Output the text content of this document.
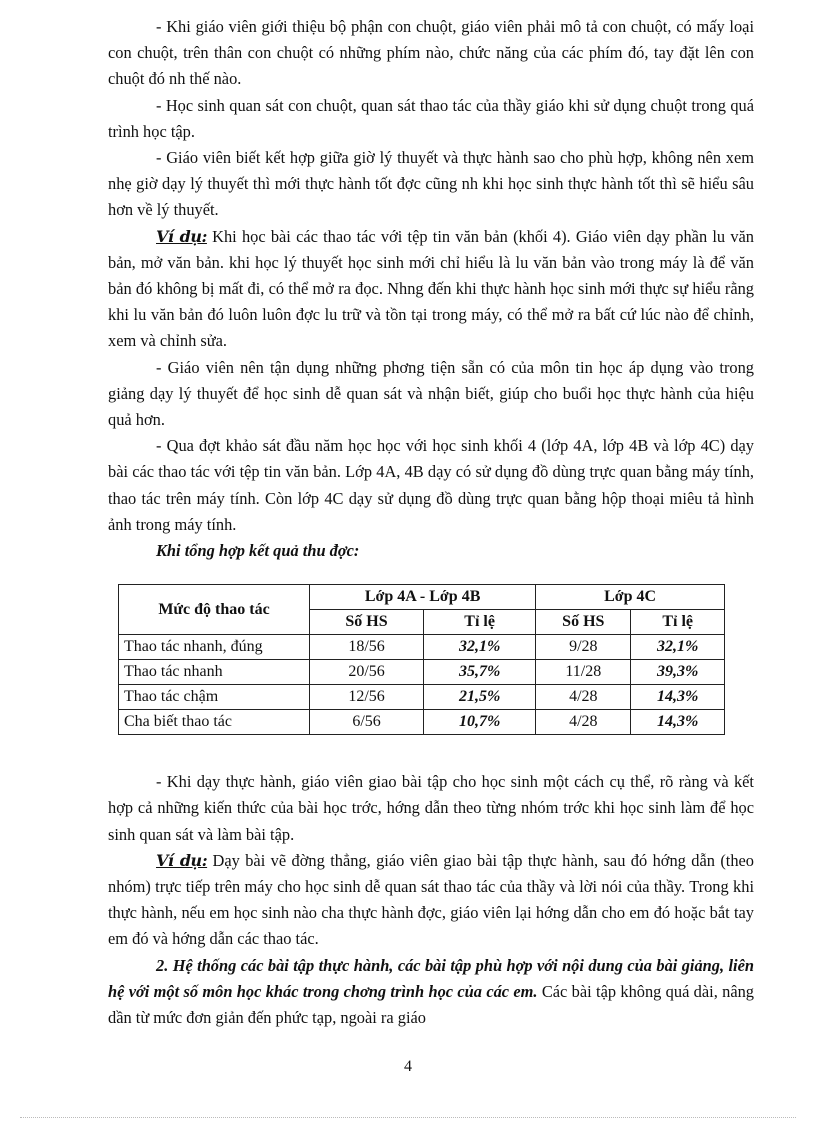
- Khi giáo viên giới thiệu bộ phận con chuột, giáo viên phải mô tả con chuột, có mấy loại con chuột, trên thân con chuột có những phím nào, chức năng của các phím đó, tay đặt lên con chuột đó nh thế nào.

- Học sinh quan sát con chuột, quan sát thao tác của thầy giáo khi sử dụng chuột trong quá trình học tập.

- Giáo viên biết kết hợp giữa giờ lý thuyết và thực hành sao cho phù hợp, không nên xem nhẹ giờ dạy lý thuyết thì mới thực hành tốt đợc cũng nh khi học sinh thực hành tốt thì sẽ hiểu sâu hơn về lý thuyết.

Ví dụ: Khi học bài các thao tác với tệp tin văn bản (khối 4). Giáo viên dạy phần lu văn bản, mở văn bản. khi học lý thuyết học sinh mới chỉ hiểu là lu văn bản vào trong máy là để văn bản đó không bị mất đi, có thể mở ra đọc. Nhng đến khi thực hành học sinh mới thực sự hiểu rằng khi lu văn bản đó luôn luôn đợc lu trữ và tồn tại trong máy, có thể mở ra bất cứ lúc nào để chỉnh, xem và chỉnh sửa.

- Giáo viên nên tận dụng những phơng tiện sẵn có của môn tin học áp dụng vào trong giảng dạy lý thuyết để học sinh dễ quan sát và nhận biết, giúp cho buổi học thực hành của hiệu quả hơn.

- Qua đợt khảo sát đầu năm học học với học sinh khối 4 (lớp 4A, lớp 4B và lớp 4C) dạy bài các thao tác với tệp tin văn bản. Lớp 4A, 4B dạy có sử dụng đồ dùng trực quan bằng máy tính, thao tác trên máy tính. Còn lớp 4C dạy sử dụng đồ dùng trực quan bằng hộp thoại miêu tả hình ảnh trong máy tính.

Khi tổng hợp kết quả thu đợc:

Mức độ thao tác	Lớp 4A - Lớp 4B		Lớp 4C	
	Số HS	Tỉ lệ	Số HS	Tỉ lệ
Thao tác nhanh, đúng	18/56	32,1%	9/28	32,1%
Thao tác nhanh	20/56	35,7%	11/28	39,3%
Thao tác chậm	12/56	21,5%	4/28	14,3%
Cha biết thao tác	6/56	10,7%	4/28	14,3%

- Khi dạy thực hành, giáo viên giao bài tập cho học sinh một cách cụ thể, rõ ràng và kết hợp cả những kiến thức của bài học trớc, hớng dẫn theo từng nhóm trớc khi học sinh làm để học sinh quan sát và làm bài tập.

Ví dụ: Dạy bài vẽ đờng thẳng, giáo viên giao bài tập thực hành, sau đó hớng dẫn (theo nhóm) trực tiếp trên máy cho học sinh dễ quan sát thao tác của thầy và lời nói của thầy. Trong khi thực hành, nếu em học sinh nào cha thực hành đợc, giáo viên lại hớng dẫn cho em đó hoặc bắt tay em đó và hớng dẫn các thao tác.

2. Hệ thống các bài tập thực hành, các bài tập phù hợp với nội dung của bài giảng, liên hệ với một số môn học khác trong chơng trình học của các em. Các bài tập không quá dài, nâng dần từ mức đơn giản đến phức tạp, ngoài ra giáo

4
